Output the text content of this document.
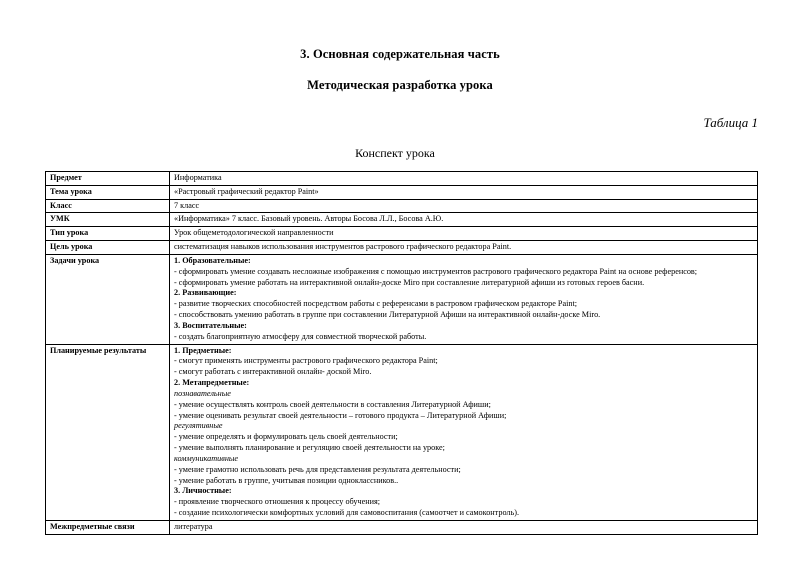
3. Основная содержательная часть
Методическая разработка урока
Таблица 1
Конспект урока
Предмет	Информатика

Тема урока	«Растровый графический редактор Paint»

Класс	7 класс

УМК	«Информатика» 7 класс. Базовый уровень. Авторы Босова Л.Л., Босова А.Ю.

Тип урока	Урок общеметодологической направленности

Цель урока	систематизация навыков использования инструментов растрового графического редактора Paint.

Задачи урока	1. Образовательные:
- сформировать умение создавать несложные изображения с помощью инструментов растрового графического редактора Paint на основе референсов;
- сформировать умение работать на интерактивной онлайн-доске Miro при составление литературной афиши из готовых героев басни.
2. Развивающие:
- развитие творческих способностей посредством работы с референсами в растровом графическом редакторе Paint;
- способствовать умению работать в группе при составлении Литературной Афиши на интерактивной онлайн-доске Miro.
3. Воспитательные:
- создать благоприятную атмосферу для совместной творческой работы.

Планируемые результаты	1. Предметные:
- смогут применять инструменты растрового графического редактора Paint;
- смогут работать с интерактивной онлайн- доской Miro.
2. Метапредметные:
познавательные
- умение осуществлять контроль своей деятельности в составления Литературной Афиши;
- умение оценивать результат своей деятельности – готового продукта – Литературной Афиши;
регулятивные
- умение определять и формулировать цель своей деятельности;
- умение выполнять планирование и регуляцию своей деятельности на уроке;
коммуникативные
- умение грамотно использовать речь для представления результата деятельности;
- умение работать в группе, учитывая позиции одноклассников..
3. Личностные:
- проявление творческого отношения к процессу обучения;
- создание психологически комфортных условий для самовоспитания (самоотчет и самоконтроль).

Межпредметные связи	литература
